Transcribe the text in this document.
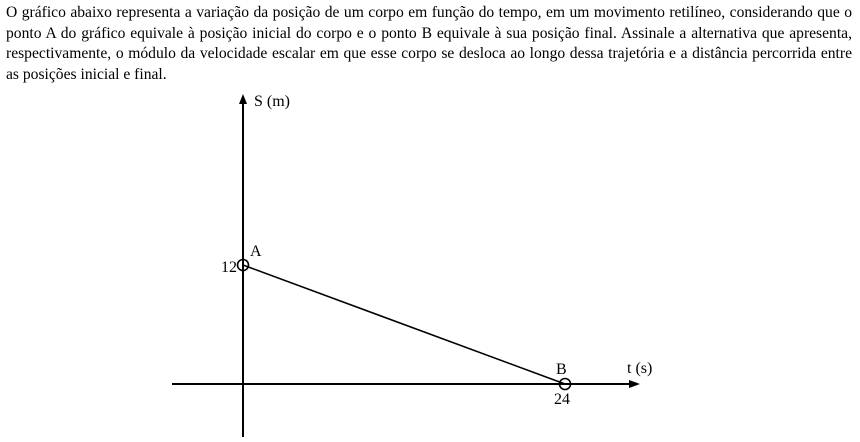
O gráfico abaixo representa a variação da posição de um corpo em função do tempo, em um movimento retilíneo, considerando que o ponto A do gráfico equivale à posição inicial do corpo e o ponto B equivale à sua posição final. Assinale a alternativa que apresenta, respectivamente, o módulo da velocidade escalar em que esse corpo se desloca ao longo dessa trajetória e a distância percorrida entre as posições inicial e final.

S (m)
t (s)
12
24
A
B
